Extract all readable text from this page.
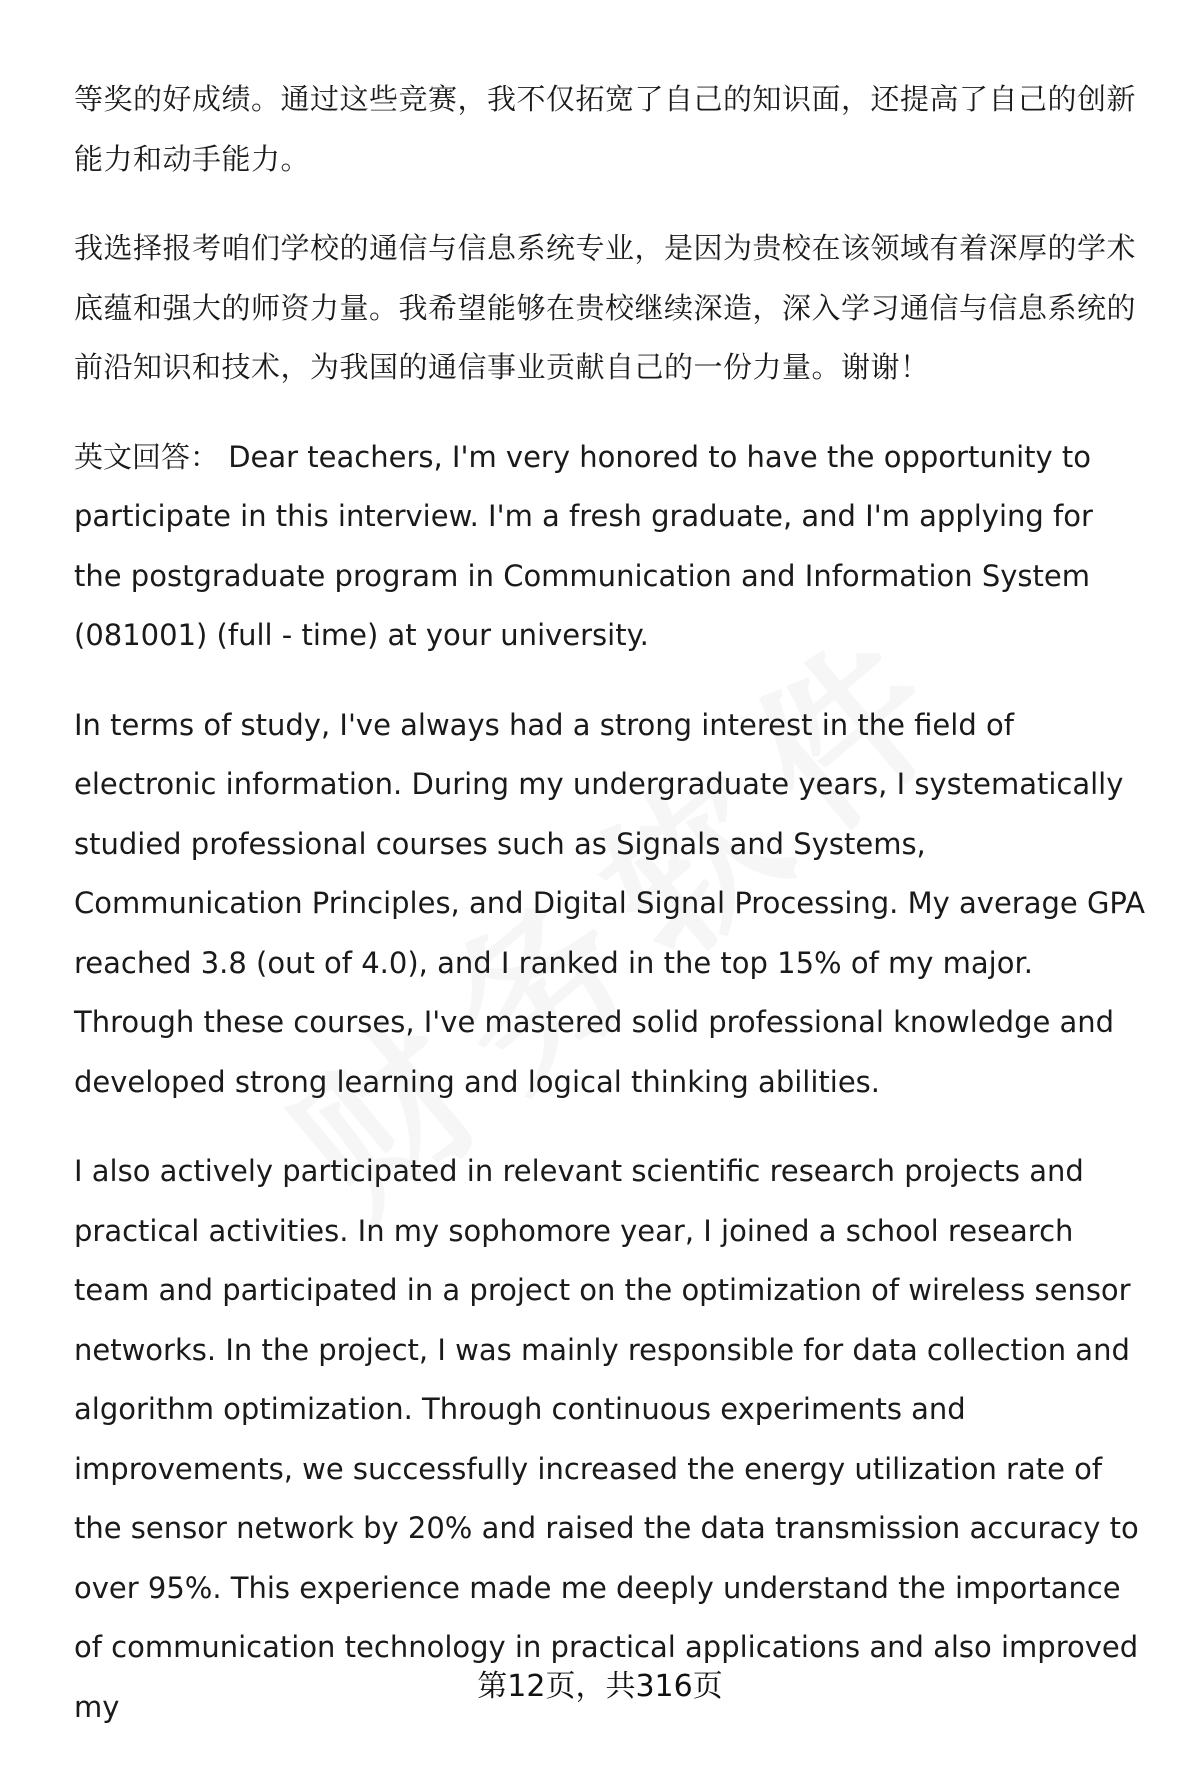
等奖的好成绩。通过这些竞赛，我不仅拓宽了自己的知识面，还提高了自己的创新能力和动手能力。

我选择报考咱们学校的通信与信息系统专业，是因为贵校在该领域有着深厚的学术底蕴和强大的师资力量。我希望能够在贵校继续深造，深入学习通信与信息系统的前沿知识和技术，为我国的通信事业贡献自己的一份力量。谢谢！

英文回答： Dear teachers, I'm very honored to have the opportunity to participate in this interview. I'm a fresh graduate, and I'm applying for the postgraduate program in Communication and Information System (081001) (full - time) at your university.

In terms of study, I've always had a strong interest in the field of electronic information. During my undergraduate years, I systematically studied professional courses such as Signals and Systems, Communication Principles, and Digital Signal Processing. My average GPA reached 3.8 (out of 4.0), and I ranked in the top 15% of my major. Through these courses, I've mastered solid professional knowledge and developed strong learning and logical thinking abilities.

I also actively participated in relevant scientific research projects and practical activities. In my sophomore year, I joined a school research team and participated in a project on the optimization of wireless sensor networks. In the project, I was mainly responsible for data collection and algorithm optimization. Through continuous experiments and improvements, we successfully increased the energy utilization rate of the sensor network by 20% and raised the data transmission accuracy to over 95%. This experience made me deeply understand the importance of communication technology in practical applications and also improved my

第12页，共316页
